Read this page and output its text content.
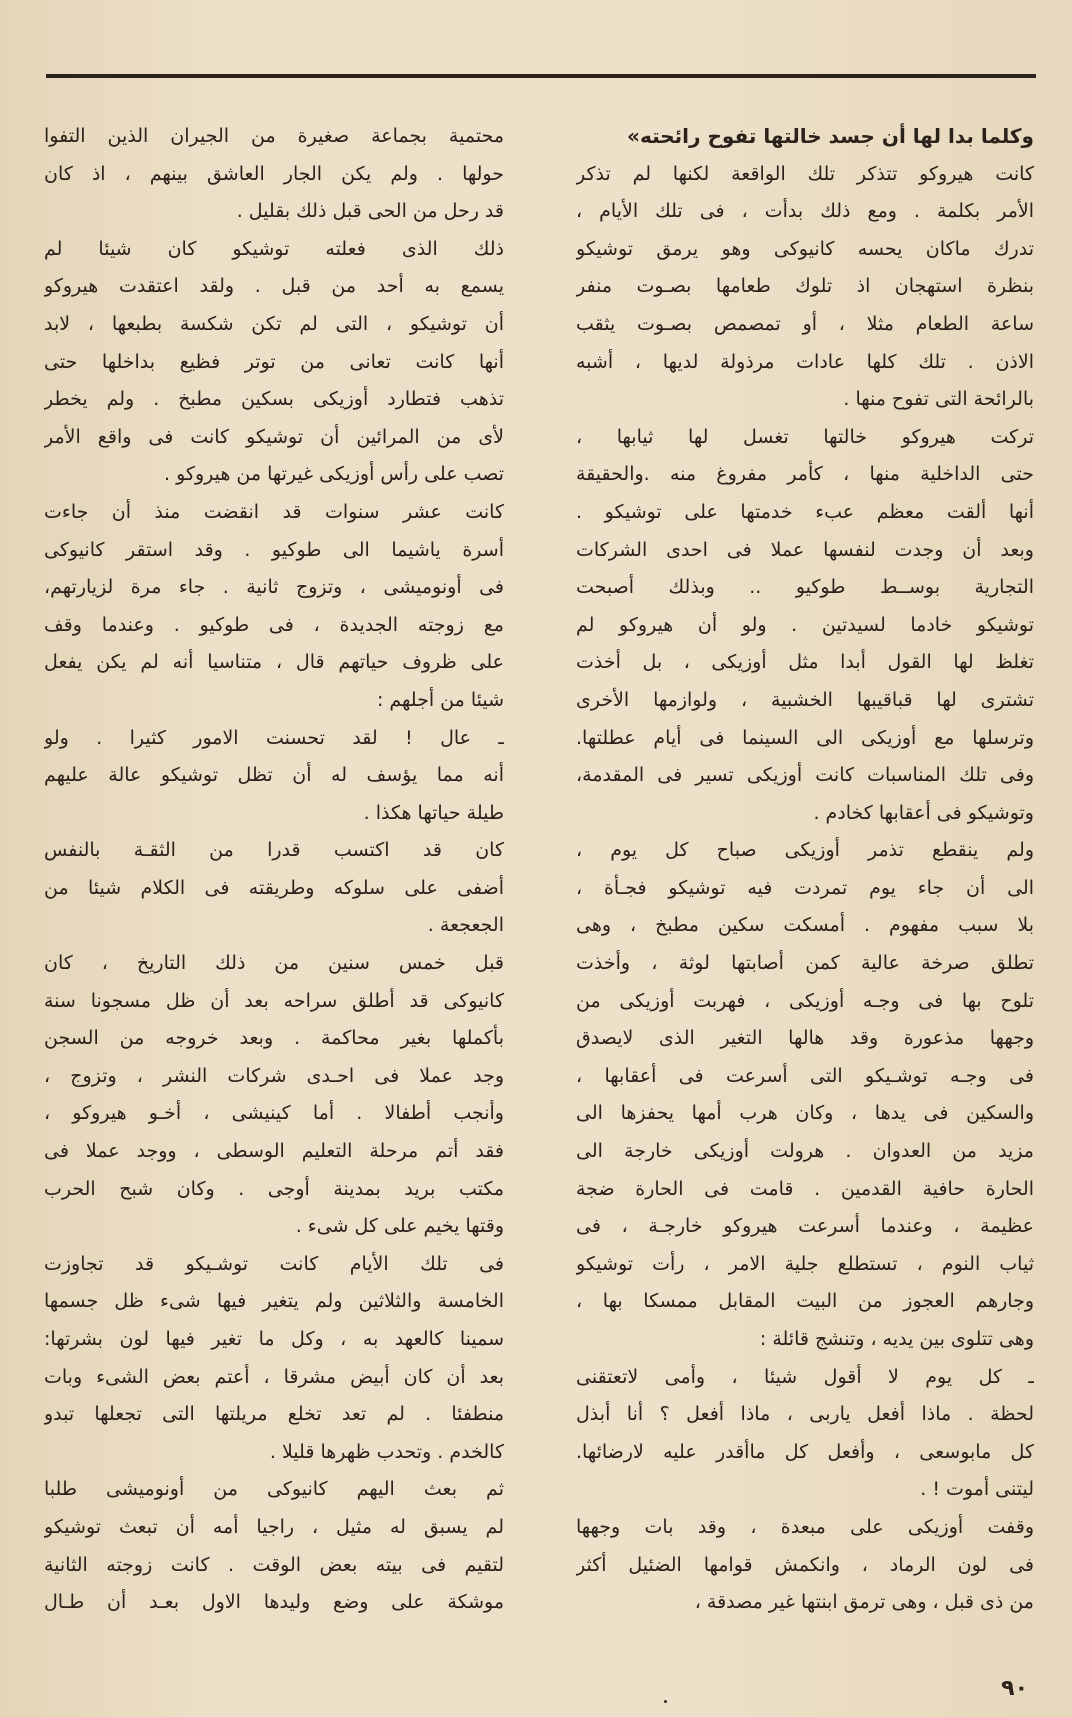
وكلما بدا لها أن جسد خالتها تفوح رائحته»
كانت هيروكو تتذكر تلك الواقعة لكنها لم تذكر
الأمر بكلمة . ومع ذلك بدأت ، فى تلك الأيام ،
تدرك ماكان يحسه كانيوكى وهو يرمق توشيكو
بنظرة استهجان اذ تلوك طعامها بصـوت منفر
ساعة الطعام مثلا ، أو تمصمص بصـوت يثقب
الاذن . تلك كلها عادات مرذولة لديها ، أشبه
بالرائحة التى تفوح منها .
تركت هيروكو خالتها تغسل لها ثيابها ،
حتى الداخلية منها ، كأمر مفروغ منه .والحقيقة
أنها ألقت معظم عبء خدمتها على توشيكو .
وبعد أن وجدت لنفسها عملا فى احدى الشركات
التجارية بوســط طوكيو .. وبذلك أصبحت
توشيكو خادما لسيدتين . ولو أن هيروكو لم
تغلظ لها القول أبدا مثل أوزيكى ، بل أخذت
تشترى لها قباقيبها الخشبية ، ولوازمها الأخرى
وترسلها مع أوزيكى الى السينما فى أيام عطلتها.
وفى تلك المناسبات كانت أوزيكى تسير فى المقدمة،
وتوشيكو فى أعقابها كخادم .
ولم ينقطع تذمر أوزيكى صباح كل يوم ،
الى أن جاء يوم تمردت فيه توشيكو فجـأة ،
بلا سبب مفهوم . أمسكت سكين مطبخ ، وهى
تطلق صرخة عالية كمن أصابتها لوثة ، وأخذت
تلوح بها فى وجـه أوزيكى ، فهربت أوزيكى من
وجهها مذعورة وقد هالها التغير الذى لايصدق
فى وجـه توشـيكو التى أسرعت فى أعقابها ،
والسكين فى يدها ، وكان هرب أمها يحفزها الى
مزيد من العدوان . هرولت أوزيكى خارجة الى
الحارة حافية القدمين . قامت فى الحارة ضجة
عظيمة ، وعندما أسرعت هيروكو خارجـة ، فى
ثياب النوم ، تستطلع جلية الامر ، رأت توشيكو
وجارهم العجوز من البيت المقابل ممسكا بها ،
وهى تتلوى بين يديه ، وتنشج قائلة :
ـ كل يوم لا أقول شيئا ، وأمى لاتعتقنى
لحظة . ماذا أفعل ياربى ، ماذا أفعل ؟ أنا أبذل
كل مابوسعى ، وأفعل كل ماأقدر عليه لارضائها.
ليتنى أموت ! .
وقفت أوزيكى على مبعدة ، وقد بات وجهها
فى لون الرماد ، وانكمش قوامها الضئيل أكثر
من ذى قبل ، وهى ترمق ابنتها غير مصدقة ،
محتمية بجماعة صغيرة من الجيران الذين التفوا
حولها . ولم يكن الجار العاشق بينهم ، اذ كان
قد رحل من الحى قبل ذلك بقليل .
ذلك الذى فعلته توشيكو كان شيئا لم
يسمع به أحد من قبل . ولقد اعتقدت هيروكو
أن توشيكو ، التى لم تكن شكسة بطبعها ، لابد
أنها كانت تعانى من توتر فظيع بداخلها حتى
تذهب فتطارد أوزيكى بسكين مطبخ . ولم يخطر
لأى من المرائين أن توشيكو كانت فى واقع الأمر
تصب على رأس أوزيكى غيرتها من هيروكو .
كانت عشر سنوات قد انقضت منذ أن جاءت
أسرة ياشيما الى طوكيو . وقد استقر كانيوكى
فى أونوميشى ، وتزوج ثانية . جاء مرة لزيارتهم،
مع زوجته الجديدة ، فى طوكيو . وعندما وقف
على ظروف حياتهم قال ، متناسيا أنه لم يكن يفعل
شيئا من أجلهم :
ـ عال ! لقد تحسنت الامور كثيرا . ولو
أنه مما يؤسف له أن تظل توشيكو عالة عليهم
طيلة حياتها هكذا .
كان قد اكتسب قدرا من الثقـة بالنفس
أضفى على سلوكه وطريقته فى الكلام شيئا من
الجعجعة .
قبل خمس سنين من ذلك التاريخ ، كان
كانيوكى قد أطلق سراحه بعد أن ظل مسجونا سنة
بأكملها بغير محاكمة . وبعد خروجه من السجن
وجد عملا فى احـدى شركات النشر ، وتزوج ،
وأنجب أطفالا . أما كينيشى ، أخـو هيروكو ،
فقد أتم مرحلة التعليم الوسطى ، ووجد عملا فى
مكتب بريد بمدينة أوجى . وكان شبح الحرب
وقتها يخيم على كل شىء .
فى تلك الأيام كانت توشـيكو قد تجاوزت
الخامسة والثلاثين ولم يتغير فيها شىء ظل جسمها
سمينا كالعهد به ، وكل ما تغير فيها لون بشرتها:
بعد أن كان أبيض مشرقا ، أعتم بعض الشىء وبات
منطفئا . لم تعد تخلع مريلتها التى تجعلها تبدو
كالخدم . وتحدب ظهرها قليلا .
ثم بعث اليهم كانيوكى من أونوميشى طلبا
لم يسبق له مثيل ، راجيا أمه أن تبعث توشيكو
لتقيم فى بيته بعض الوقت . كانت زوجته الثانية
موشكة على وضع وليدها الاول بعـد أن طـال
٩٠
